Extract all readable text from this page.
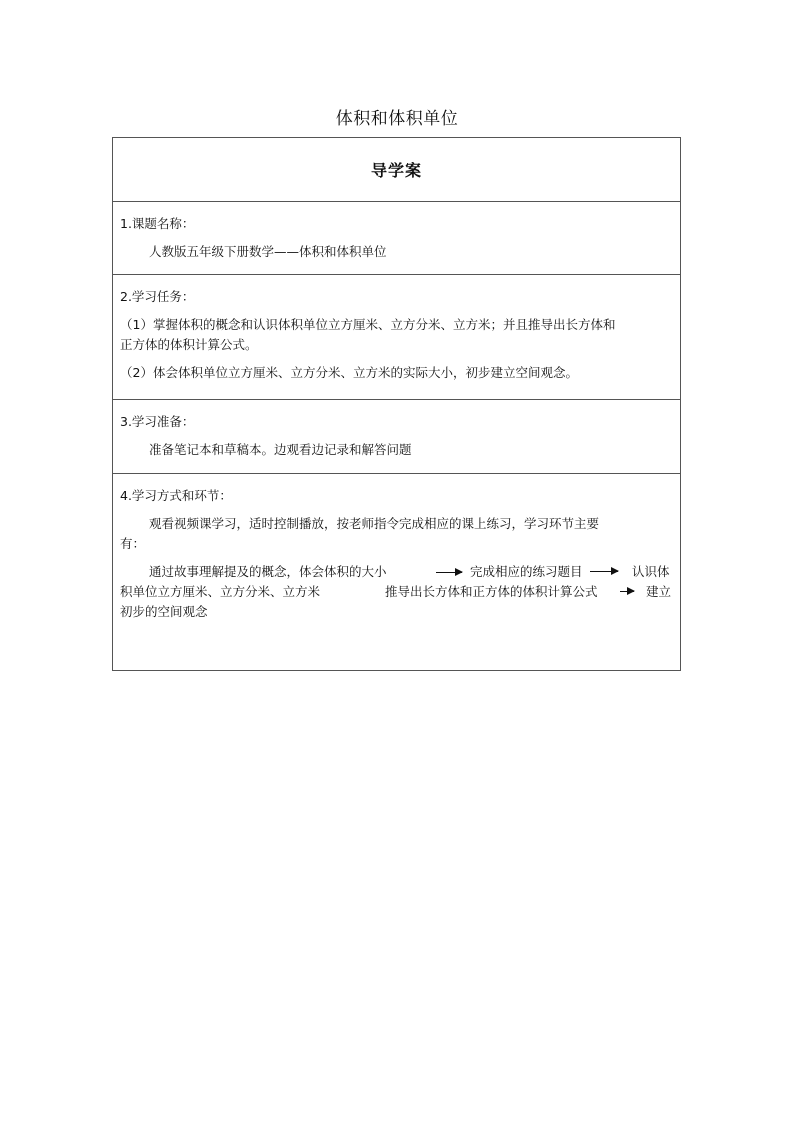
体积和体积单位
导学案
1.课题名称：
人教版五年级下册数学——体积和体积单位
2.学习任务：
（1）掌握体积的概念和认识体积单位立方厘米、立方分米、立方米；并且推导出长方体和
正方体的体积计算公式。
（2）体会体积单位立方厘米、立方分米、立方米的实际大小，初步建立空间观念。
3.学习准备：
准备笔记本和草稿本。边观看边记录和解答问题
4.学习方式和环节：
观看视频课学习，适时控制播放，按老师指令完成相应的课上练习，学习环节主要
有：
通过故事理解提及的概念，体会体积的大小	完成相应的练习题目	认识体
积单位立方厘米、立方分米、立方米	推导出长方体和正方体的体积计算公式	建立
初步的空间观念
